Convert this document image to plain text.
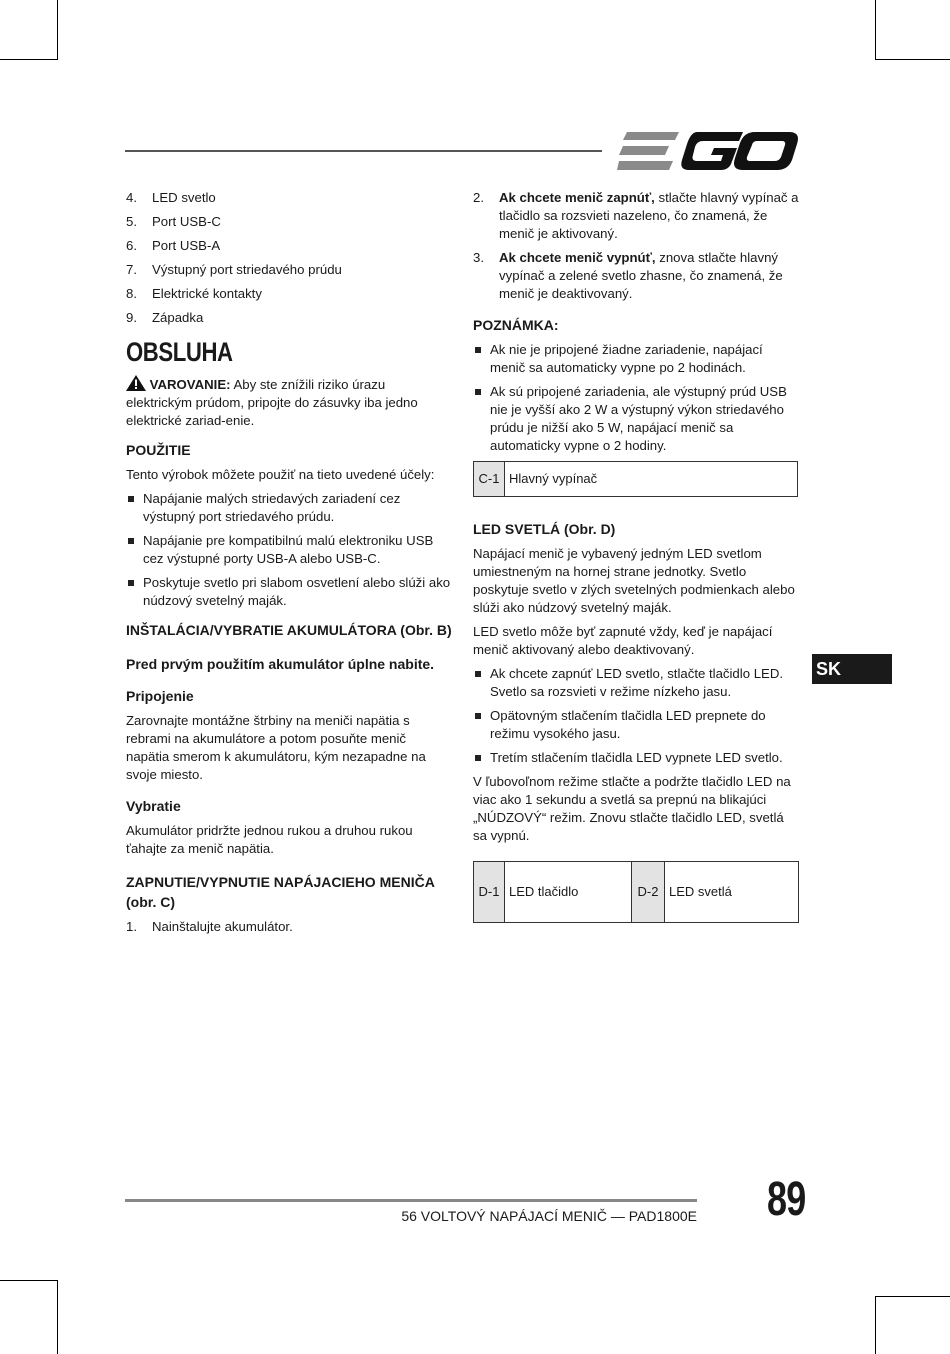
4. LED svetlo
5. Port USB-C
6. Port USB-A
7. Výstupný port striedavého prúdu
8. Elektrické kontakty
9. Západka
OBSLUHA

VAROVANIE: Aby ste znížili riziko úrazu elektrickým prúdom, pripojte do zásuvky iba jedno elektrické zariad-enie.

POUŽITIE

Tento výrobok môžete použiť na tieto uvedené účely:

Napájanie malých striedavých zariadení cez výstupný port striedavého prúdu.
Napájanie pre kompatibilnú malú elektroniku USB cez výstupné porty USB-A alebo USB-C.
Poskytuje svetlo pri slabom osvetlení alebo slúži ako núdzový svetelný maják.
INŠTALÁCIA/VYBRATIE AKUMULÁTORA (Obr. B)
Pred prvým použitím akumulátor úplne nabite.
Pripojenie

Zarovnajte montážne štrbiny na meniči napätia s rebrami na akumulátore a potom posuňte menič napätia smerom k akumulátoru, kým nezapadne na svoje miesto.

Vybratie

Akumulátor pridržte jednou rukou a druhou rukou ťahajte za menič napätia.

ZAPNUTIE/VYPNUTIE NAPÁJACIEHO MENIČA (obr. C)
1. Nainštalujte akumulátor.
2. Ak chcete menič zapnúť, stlačte hlavný vypínač a tlačidlo sa rozsvieti nazeleno, čo znamená, že menič je aktivovaný.
3. Ak chcete menič vypnúť, znova stlačte hlavný vypínač a zelené svetlo zhasne, čo znamená, že menič je deaktivovaný.
POZNÁMKA:
Ak nie je pripojené žiadne zariadenie, napájací menič sa automaticky vypne po 2 hodinách.
Ak sú pripojené zariadenia, ale výstupný prúd USB nie je vyšší ako 2 W a výstupný výkon striedavého prúdu je nižší ako 5 W, napájací menič sa automaticky vypne o 2 hodiny.
C-1	Hlavný vypínač
LED SVETLÁ (Obr. D)

Napájací menič je vybavený jedným LED svetlom umiestneným na hornej strane jednotky. Svetlo poskytuje svetlo v zlých svetelných podmienkach alebo slúži ako núdzový svetelný maják.

LED svetlo môže byť zapnuté vždy, keď je napájací menič aktivovaný alebo deaktivovaný.

Ak chcete zapnúť LED svetlo, stlačte tlačidlo LED. Svetlo sa rozsvieti v režime nízkeho jasu.
Opätovným stlačením tlačidla LED prepnete do režimu vysokého jasu.
Tretím stlačením tlačidla LED vypnete LED svetlo.

V ľubovoľnom režime stlačte a podržte tlačidlo LED na viac ako 1 sekundu a svetlá sa prepnú na blikajúci „NÚDZOVÝ“ režim. Znovu stlačte tlačidlo LED, svetlá sa vypnú.

D-1	LED tlačidlo	D-2	LED svetlá
SK
56 VOLTOVÝ NAPÁJACÍ MENIČ — PAD1800E 89
